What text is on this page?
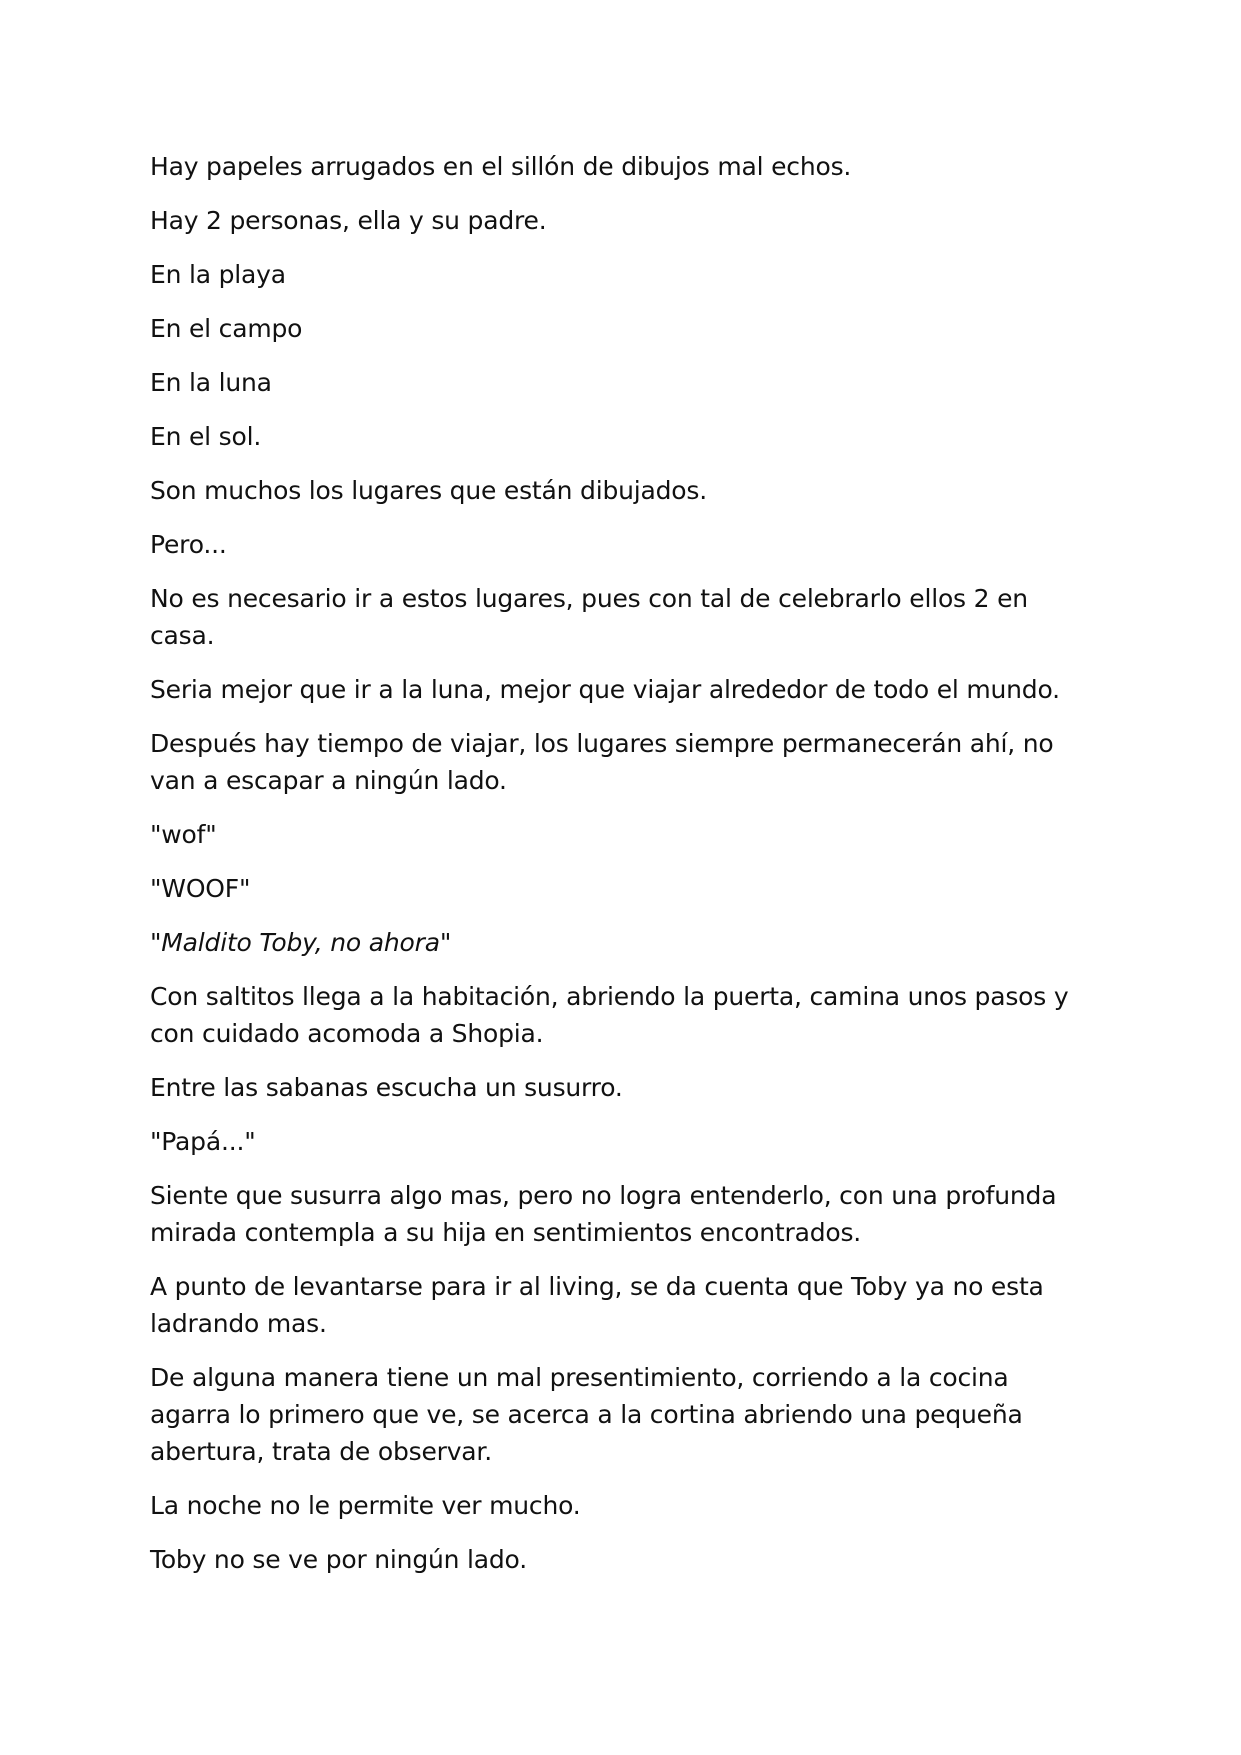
Hay papeles arrugados en el sillón de dibujos mal echos.

Hay 2 personas, ella y su padre.

En la playa

En el campo

En la luna

En el sol.

Son muchos los lugares que están dibujados.

Pero...

No es necesario ir a estos lugares, pues con tal de celebrarlo ellos 2 en casa.

Seria mejor que ir a la luna, mejor que viajar alrededor de todo el mundo.

Después hay tiempo de viajar, los lugares siempre permanecerán ahí, no van a escapar a ningún lado.

"wof"

"WOOF"

"Maldito Toby, no ahora"

Con saltitos llega a la habitación, abriendo la puerta, camina unos pasos y con cuidado acomoda a Shopia.

Entre las sabanas escucha un susurro.

"Papá..."

Siente que susurra algo mas, pero no logra entenderlo, con una profunda mirada contempla a su hija en sentimientos encontrados.

A punto de levantarse para ir al living, se da cuenta que Toby ya no esta ladrando mas.

De alguna manera tiene un mal presentimiento, corriendo a la cocina agarra lo primero que ve, se acerca a la cortina abriendo una pequeña abertura, trata de observar.

La noche no le permite ver mucho.

Toby no se ve por ningún lado.
